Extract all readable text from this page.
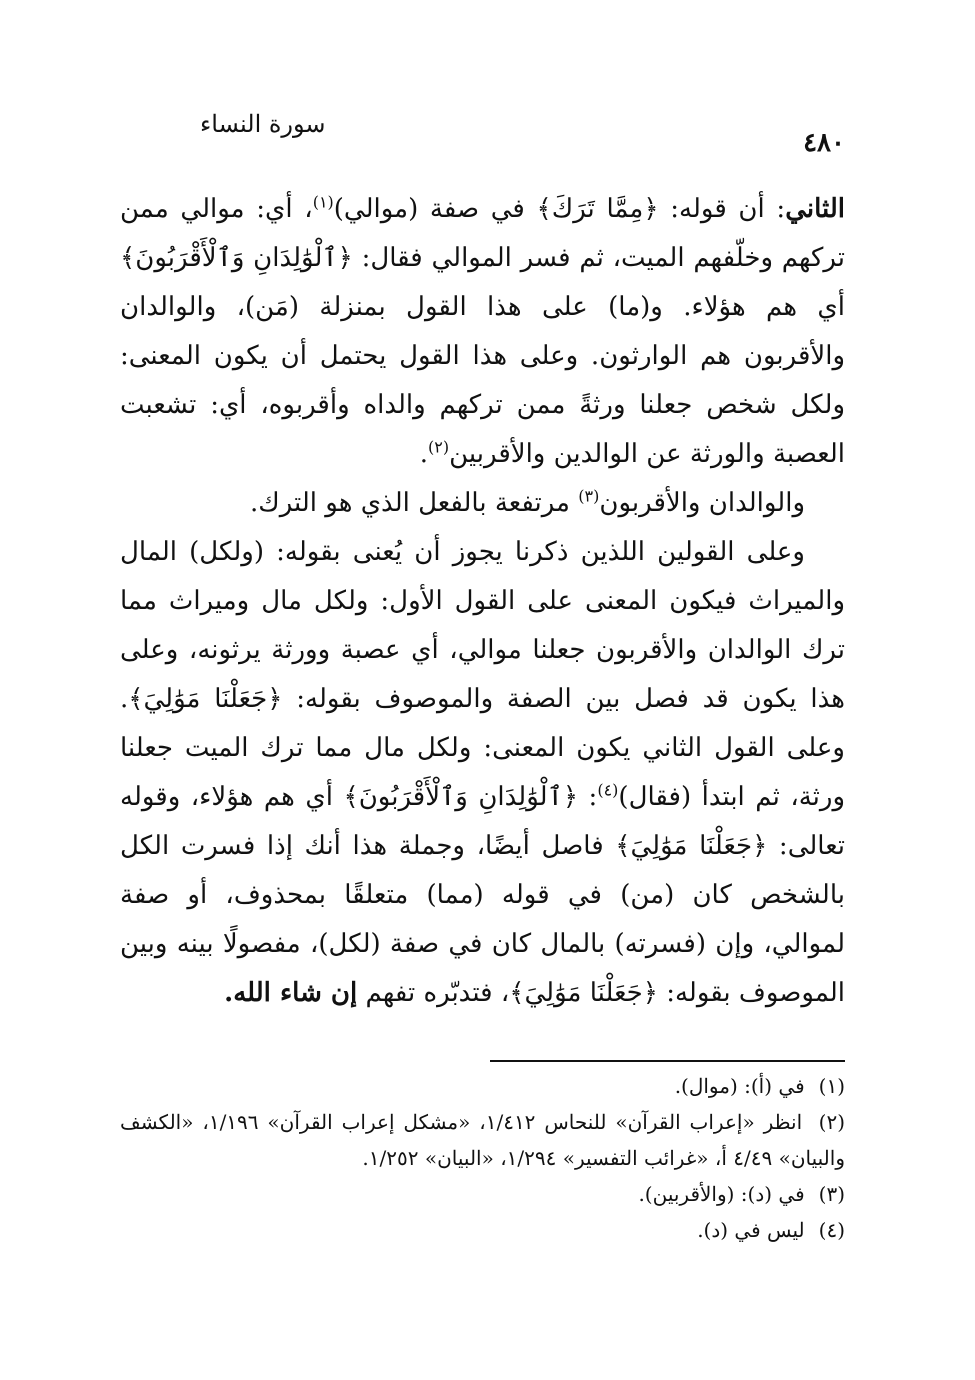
٤٨٠
سورة النساء

الثاني: أن قوله: ﴿مِمَّا تَرَكَ﴾ في صفة (موالي)$^{(١)}$، أي: موالي ممن تركهم وخلّفهم الميت، ثم فسر الموالي فقال: ﴿ٱلْوَٰلِدَانِ وَٱلْأَقْرَبُونَ﴾ أي هم هؤلاء. و(ما) على هذا القول بمنزلة (مَن)، والوالدان والأقربون هم الوارثون. وعلى هذا القول يحتمل أن يكون المعنى: ولكل شخص جعلنا ورثةً ممن تركهم والداه وأقربوه، أي: تشعبت العصبة والورثة عن الوالدين والأقربين$^{(٢)}$.

والوالدان والأقربون$^{(٣)}$ مرتفعة بالفعل الذي هو الترك.

وعلى القولين اللذين ذكرنا يجوز أن يُعنى بقوله: (ولكل) المال والميراث فيكون المعنى على القول الأول: ولكل مال وميراث مما ترك الوالدان والأقربون جعلنا موالي، أي عصبة وورثة يرثونه، وعلى هذا يكون قد فصل بين الصفة والموصوف بقوله: ﴿جَعَلْنَا مَوَٰلِيَ﴾. وعلى القول الثاني يكون المعنى: ولكل مال مما ترك الميت جعلنا ورثة، ثم ابتدأ (فقال)$^{(٤)}$: ﴿ٱلْوَٰلِدَانِ وَٱلْأَقْرَبُونَ﴾ أي هم هؤلاء، وقوله تعالى: ﴿جَعَلْنَا مَوَٰلِيَ﴾ فاصل أيضًا، وجملة هذا أنك إذا فسرت الكل بالشخص كان (من) في قوله (مما) متعلقًا بمحذوف، أو صفة لموالي، وإن (فسرته) بالمال كان في صفة (لكل)، مفصولًا بينه وبين الموصوف بقوله: ﴿جَعَلْنَا مَوَٰلِيَ﴾، فتدبّره تفهم إن شاء الله.

(١) في (أ): (موال).

(٢) انظر «إعراب القرآن» للنحاس ١/٤١٢، «مشكل إعراب القرآن» ١/١٩٦، «الكشف والبيان» ٤/٤٩ أ، «غرائب التفسير» ١/٢٩٤، «البيان» ١/٢٥٢.

(٣) في (د): (والأقربين).

(٤) ليس في (د).
